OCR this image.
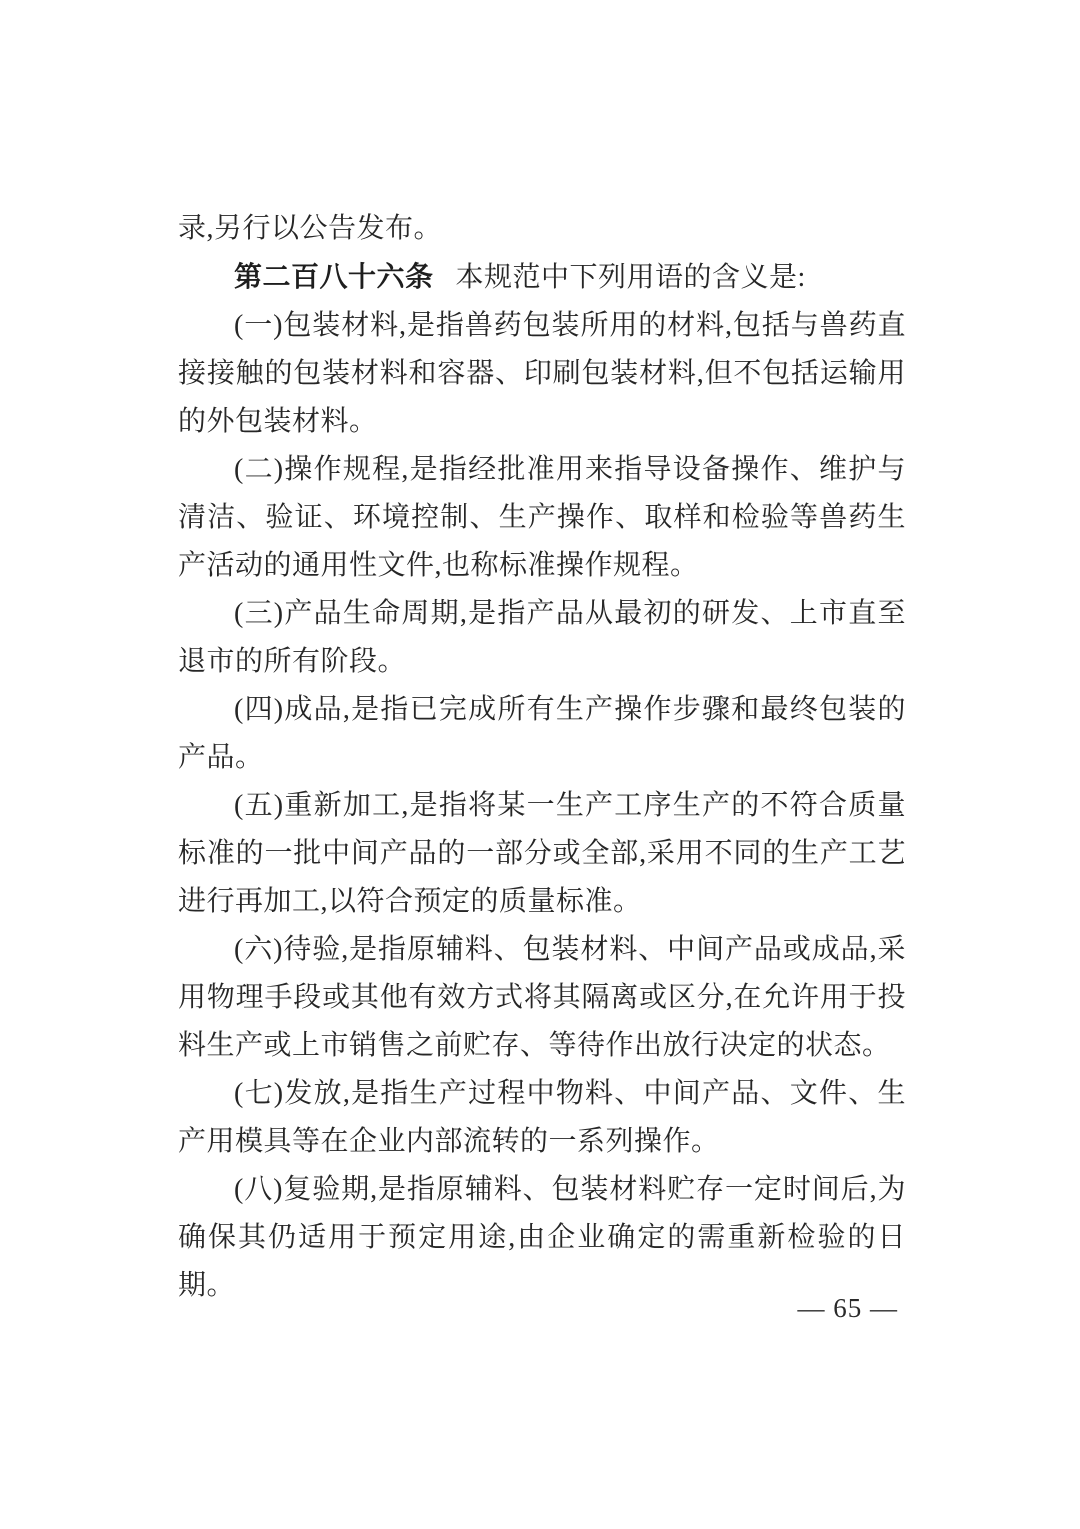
录,另行以公告发布。

第二百八十六条 本规范中下列用语的含义是:

(一)包装材料,是指兽药包装所用的材料,包括与兽药直接接触的包装材料和容器、印刷包装材料,但不包括运输用的外包装材料。

(二)操作规程,是指经批准用来指导设备操作、维护与清洁、验证、环境控制、生产操作、取样和检验等兽药生产活动的通用性文件,也称标准操作规程。

(三)产品生命周期,是指产品从最初的研发、上市直至退市的所有阶段。

(四)成品,是指已完成所有生产操作步骤和最终包装的产品。

(五)重新加工,是指将某一生产工序生产的不符合质量标准的一批中间产品的一部分或全部,采用不同的生产工艺进行再加工,以符合预定的质量标准。

(六)待验,是指原辅料、包装材料、中间产品或成品,采用物理手段或其他有效方式将其隔离或区分,在允许用于投料生产或上市销售之前贮存、等待作出放行决定的状态。

(七)发放,是指生产过程中物料、中间产品、文件、生产用模具等在企业内部流转的一系列操作。

(八)复验期,是指原辅料、包装材料贮存一定时间后,为确保其仍适用于预定用途,由企业确定的需重新检验的日期。

— 65 —
